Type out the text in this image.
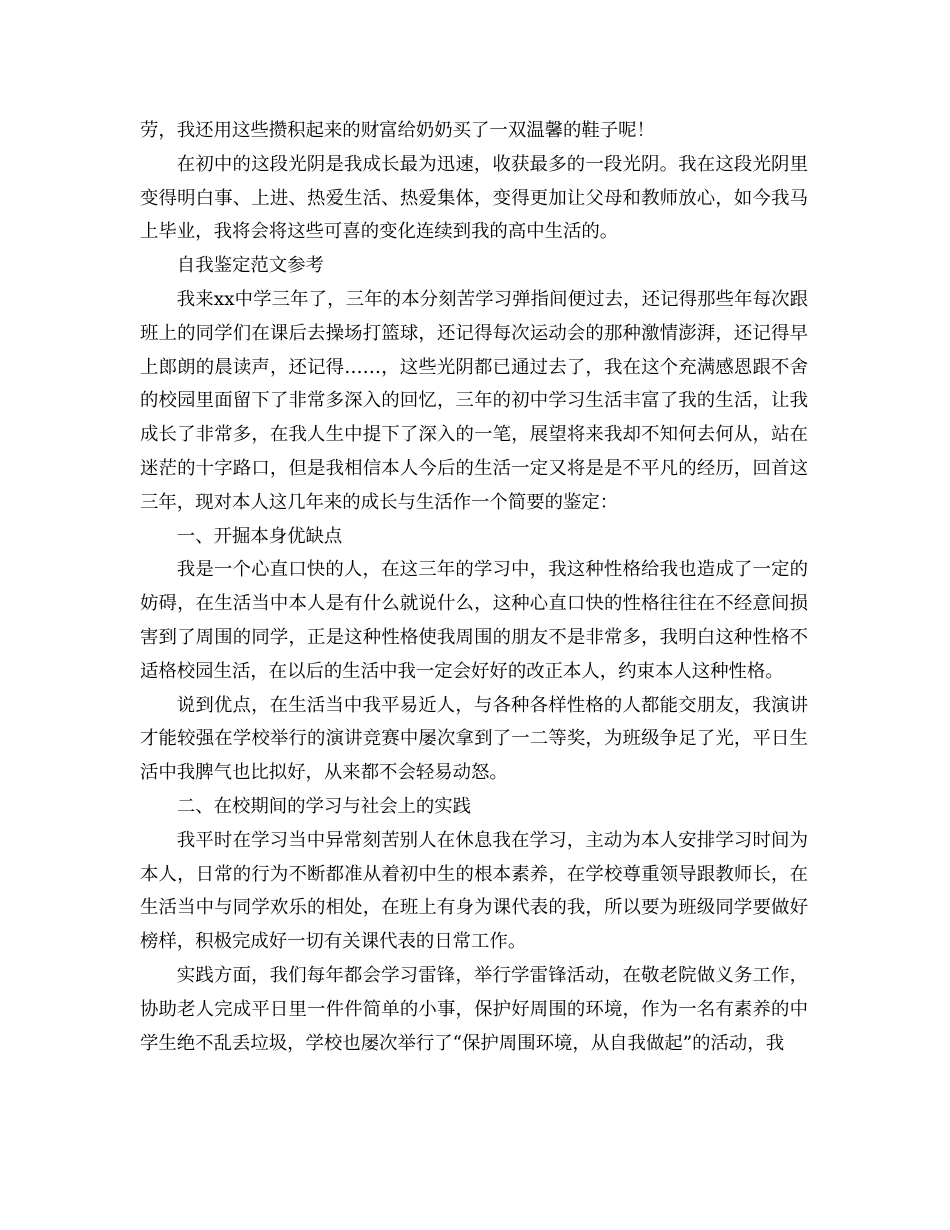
劳，我还用这些攒积起来的财富给奶奶买了一双温馨的鞋子呢！

在初中的这段光阴是我成长最为迅速，收获最多的一段光阴。我在这段光阴里变得明白事、上进、热爱生活、热爱集体，变得更加让父母和教师放心，如今我马上毕业，我将会将这些可喜的变化连续到我的高中生活的。

自我鉴定范文参考

我来xx中学三年了，三年的本分刻苦学习弹指间便过去，还记得那些年每次跟班上的同学们在课后去操场打篮球，还记得每次运动会的那种激情澎湃，还记得早上郎朗的晨读声，还记得……，这些光阴都已通过去了，我在这个充满感恩跟不舍的校园里面留下了非常多深入的回忆，三年的初中学习生活丰富了我的生活，让我成长了非常多，在我人生中提下了深入的一笔，展望将来我却不知何去何从，站在迷茫的十字路口，但是我相信本人今后的生活一定又将是是不平凡的经历，回首这三年，现对本人这几年来的成长与生活作一个简要的鉴定：

一、开掘本身优缺点

我是一个心直口快的人，在这三年的学习中，我这种性格给我也造成了一定的妨碍，在生活当中本人是有什么就说什么，这种心直口快的性格往往在不经意间损害到了周围的同学，正是这种性格使我周围的朋友不是非常多，我明白这种性格不适格校园生活，在以后的生活中我一定会好好的改正本人，约束本人这种性格。

说到优点，在生活当中我平易近人，与各种各样性格的人都能交朋友，我演讲才能较强在学校举行的演讲竞赛中屡次拿到了一二等奖，为班级争足了光，平日生活中我脾气也比拟好，从来都不会轻易动怒。

二、在校期间的学习与社会上的实践

我平时在学习当中异常刻苦别人在休息我在学习，主动为本人安排学习时间为本人，日常的行为不断都准从着初中生的根本素养，在学校尊重领导跟教师长，在生活当中与同学欢乐的相处，在班上有身为课代表的我，所以要为班级同学要做好榜样，积极完成好一切有关课代表的日常工作。

实践方面，我们每年都会学习雷锋，举行学雷锋活动，在敬老院做义务工作，协助老人完成平日里一件件简单的小事，保护好周围的环境，作为一名有素养的中学生绝不乱丢垃圾，学校也屡次举行了“保护周围环境，从自我做起”的活动，我
